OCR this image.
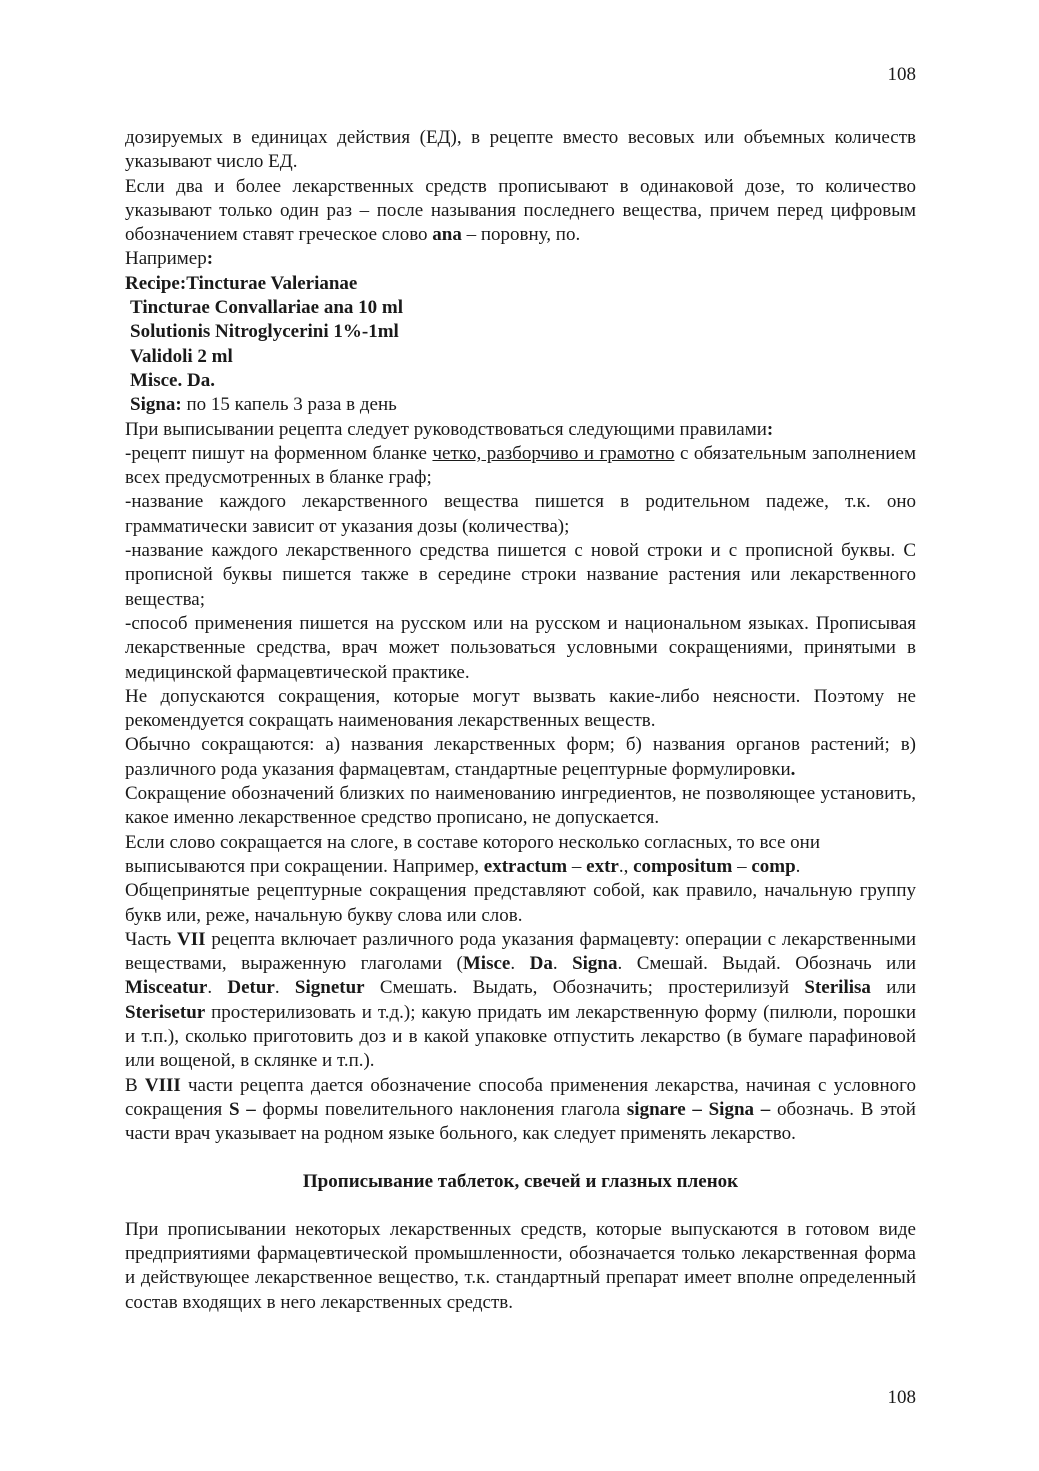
108

дозируемых в единицах действия (ЕД), в рецепте вместо весовых или объемных количеств указывают число ЕД.

Если два и более лекарственных средств прописывают в одинаковой дозе, то количество указывают только один раз – после называния последнего вещества, причем перед цифровым обозначением ставят греческое слово ana – поровну, по.

Например:

Recipe:Tincturae Valerianae

Tincturae Convallariae ana 10 ml

Solutionis Nitroglycerini 1%-1ml

Validoli 2 ml

Misce. Da.

Signa: по 15 капель 3 раза в день

При выписывании рецепта следует руководствоваться следующими правилами:

-рецепт пишут на форменном бланке четко, разборчиво и грамотно с обязательным заполнением всех предусмотренных в бланке граф;

-название каждого лекарственного вещества пишется в родительном падеже, т.к. оно грамматически зависит от указания дозы (количества);

-название каждого лекарственного средства пишется с новой строки и с прописной буквы. С прописной буквы пишется также в середине строки название растения или лекарственного вещества;

-способ применения пишется на русском или на русском и национальном языках. Прописывая лекарственные средства, врач может пользоваться условными сокращениями, принятыми в медицинской фармацевтической практике.

Не допускаются сокращения, которые могут вызвать какие-либо неясности. Поэтому не рекомендуется сокращать наименования лекарственных веществ.

Обычно сокращаются: а) названия лекарственных форм; б) названия органов растений; в) различного рода указания фармацевтам, стандартные рецептурные формулировки.

Сокращение обозначений близких по наименованию ингредиентов, не позволяющее установить, какое именно лекарственное средство прописано, не допускается.

Если слово сокращается на слоге, в составе которого несколько согласных, то все они выписываются при сокращении. Например, extractum – extr., compositum – comp.

Общепринятые рецептурные сокращения представляют собой, как правило, начальную группу букв или, реже, начальную букву слова или слов.

Часть VII рецепта включает различного рода указания фармацевту: операции с лекарственными веществами, выраженную глаголами (Misce. Da. Signa. Смешай. Выдай. Обозначь или Misceatur. Detur. Signetur Смешать. Выдать, Обозначить; простерилизуй Sterilisa или Sterisetur простерилизовать и т.д.); какую придать им лекарственную форму (пилюли, порошки и т.п.), сколько приготовить доз и в какой упаковке отпустить лекарство (в бумаге парафиновой или вощеной, в склянке и т.п.).

В VIII части рецепта дается обозначение способа применения лекарства, начиная с условного сокращения S – формы повелительного наклонения глагола signare – Signa – обозначь. В этой части врач указывает на родном языке больного, как следует применять лекарство.

Прописывание таблеток, свечей и глазных пленок

При прописывании некоторых лекарственных средств, которые выпускаются в готовом виде предприятиями фармацевтической промышленности, обозначается только лекарственная форма и действующее лекарственное вещество, т.к. стандартный препарат имеет вполне определенный состав входящих в него лекарственных средств.

108
